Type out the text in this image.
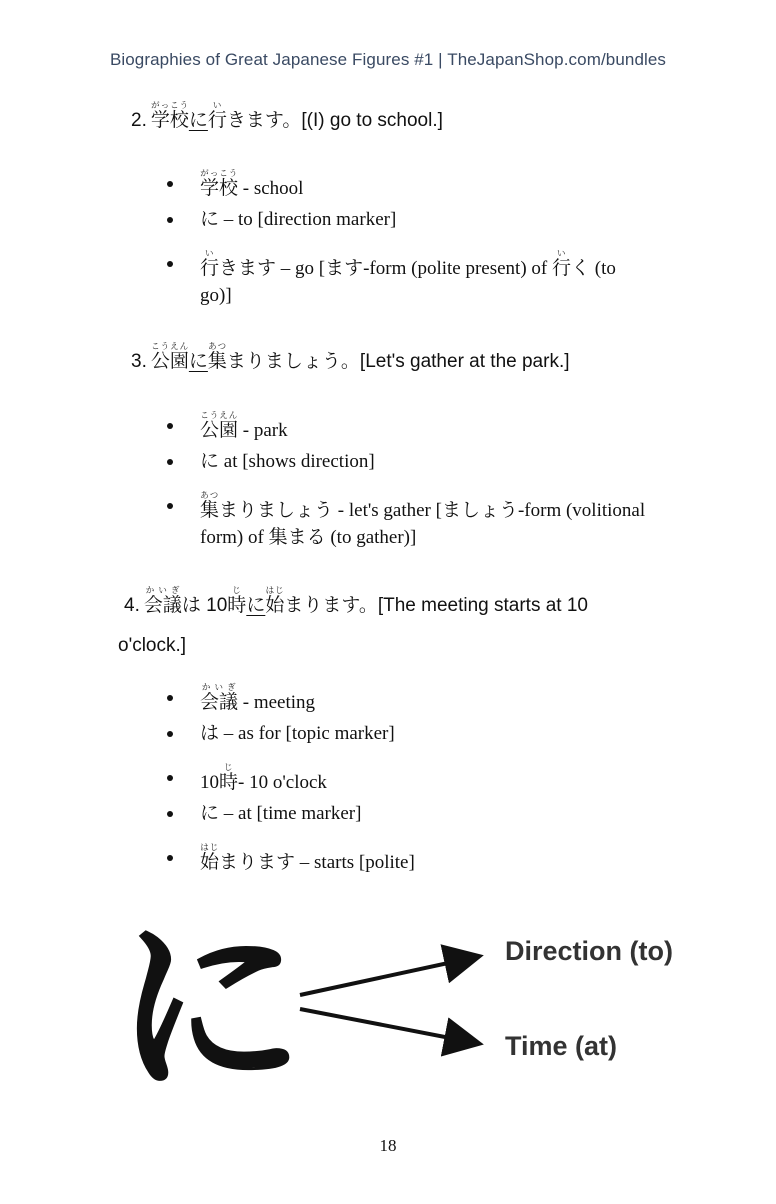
Biographies of Great Japanese Figures #1 | TheJapanShop.com/bundles
2. 学校がっこうに行いきます。[(I) go to school.]
学校がっこう - school
に – to [direction marker]
行いきます – go [ます-form (polite present) of 行いく (to
go)]
3. 公園こうえんに集あつまりましょう。[Let's gather at the park.]
公園こうえん - park
に at [shows direction]
集あつまりましょう - let's gather [ましょう-form (volitional
form) of 集まる (to gather)]
4. 会議かいぎは 10時じに始はじまります。[The meeting starts at 10
o'clock.]
会議かいぎ - meeting
は – as for [topic marker]
10時じ- 10 o'clock
に – at [time marker]
始はじまります – starts [polite]
に	Direction (to)
Time (at)
18
